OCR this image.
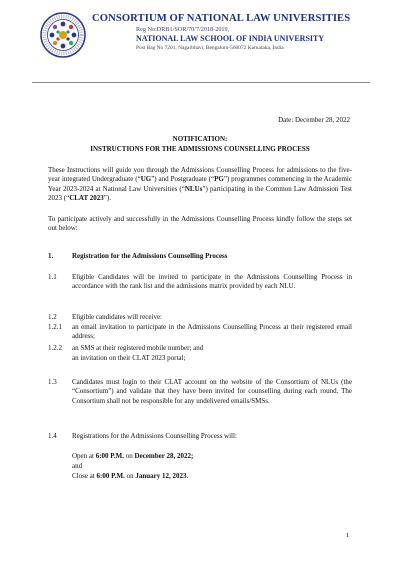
CONSORTIUM OF NATIONAL LAW UNIVERSITIES
Reg No:DRB1/SOR/70/7/2018-2019,
NATIONAL LAW SCHOOL OF INDIA UNIVERSITY
Post Bag No 7201, Nagarbhavi, Bengaluru-560072 Karnataka, India
Date: December 28, 2022
NOTIFICATION:
INSTRUCTIONS FOR THE ADMISSIONS COUNSELLING PROCESS
These Instructions will guide you through the Admissions Counselling Process for admissions to the five-year integrated Undergraduate (“UG”) and Postgraduate (“PG”) programmes commencing in the Academic Year 2023-2024 at National Law Universities (“NLUs”) participating in the Common Law Admission Test 2023 (“CLAT 2023”).
To participate actively and successfully in the Admissions Counselling Process kindly follow the steps set out below:
1.	Registration for the Admissions Counselling Process
1.1 Eligible Candidates will be invited to participate in the Admissions Counselling Process in accordance with the rank list and the admissions matrix provided by each NLU.
1.2 Eligible candidates will receive:
1.2.1 an email invitation to participate in the Admissions Counselling Process at their registered email address;
1.2.2 an SMS at their registered mobile number; and
an invitation on their CLAT 2023 portal;
1.3 Candidates must login to their CLAT account on the website of the Consortium of NLUs (the “Consortium”) and validate that they have been invited for counselling during each round. The Consortium shall not be responsible for any undelivered emails/SMSs.
1.4 Registrations for the Admissions Counselling Process will:
Open at 6:00 P.M. on December 28, 2022;
and
Close at 6:00 P.M. on January 12, 2023.
1
